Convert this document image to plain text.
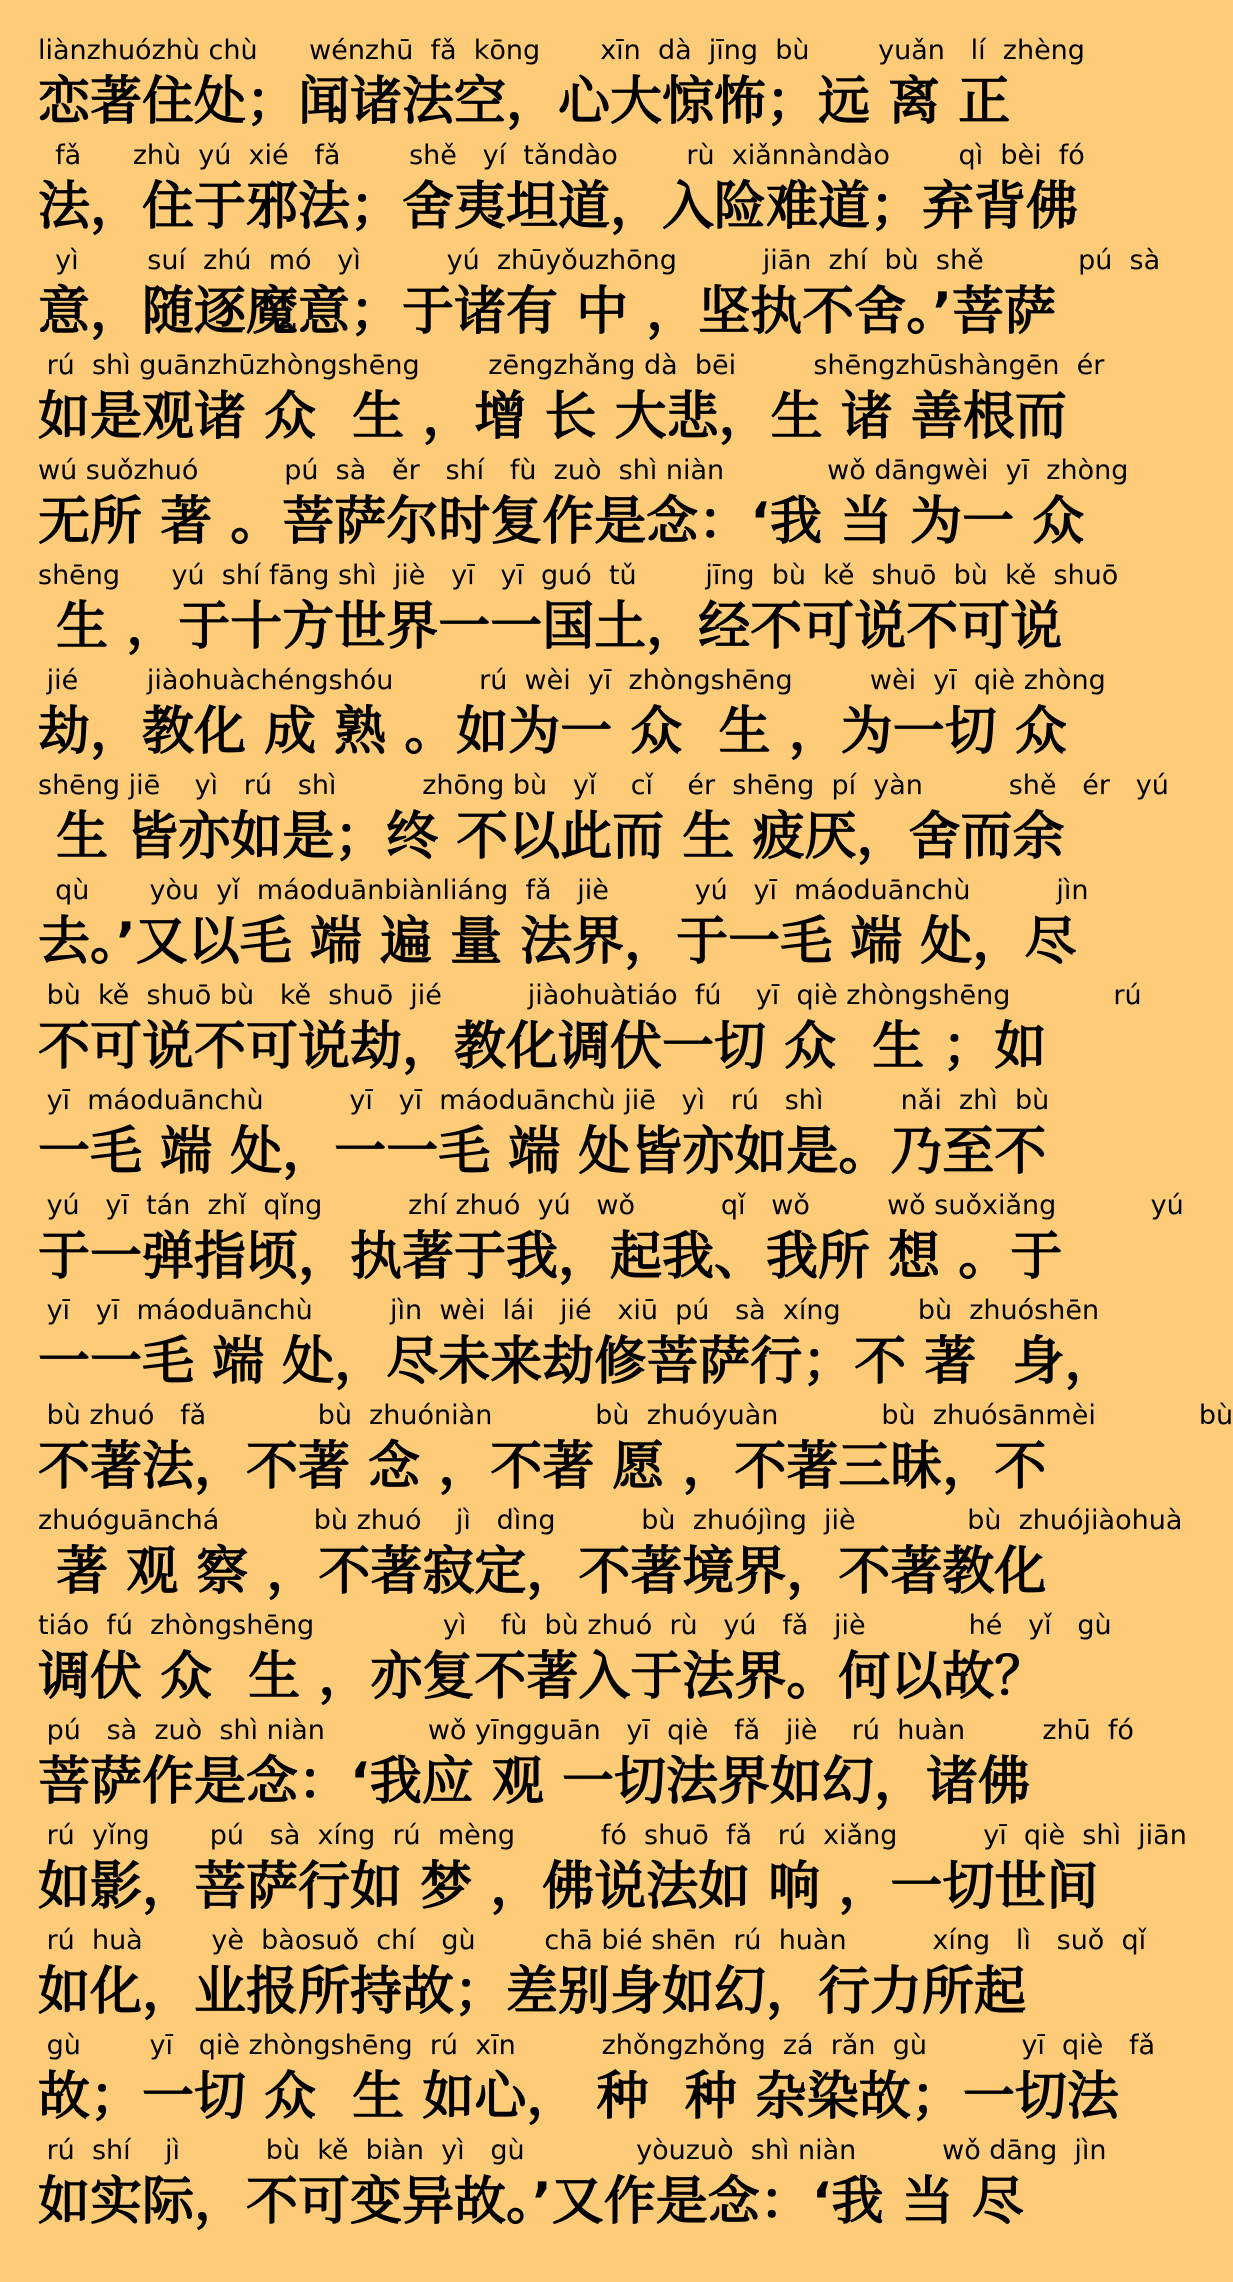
liànzhuózhù chù      wénzhū  fǎ  kōng       xīn  dà  jīng  bù        yuǎn   lí  zhèng
恋著住处；闻诸法空，心大惊怖；远 离 正
fǎ      zhù  yú  xié   fǎ        shě   yí  tǎndào        rù  xiǎnnàndào        qì  bèi  fó
法，住于邪法；舍夷坦道，入险难道；弃背佛
yì        suí  zhú  mó   yì          yú  zhūyǒuzhōng          jiān  zhí  bù  shě           pú  sà
意，随逐魔意；于诸有 中 ，坚执不舍。’菩萨
rú  shì guānzhūzhòngshēng        zēngzhǎng dà  bēi         shēngzhūshàngēn  ér
如是观诸 众  生 ，增 长 大悲，生 诸 善根而
wú suǒzhuó          pú  sà   ěr   shí   fù  zuò  shì niàn            wǒ dāngwèi  yī  zhòng
无所 著 。菩萨尔时复作是念：‘我 当 为一 众
shēng      yú  shí fāng shì  jiè   yī   yī  guó  tǔ        jīng  bù  kě  shuō  bù  kě  shuō
生 ，于十方世界一一国土，经不可说不可说
jié        jiàohuàchéngshóu          rú  wèi  yī  zhòngshēng         wèi  yī  qiè zhòng
劫，教化 成 熟 。如为一 众  生 ，为一切 众
shēng jiē    yì   rú   shì          zhōng bù   yǐ    cǐ    ér  shēng  pí  yàn          shě   ér   yú
生 皆亦如是；终 不以此而 生 疲厌，舍而余
qù       yòu  yǐ  máoduānbiànliáng  fǎ   jiè          yú   yī  máoduānchù          jìn
去。’又以毛 端 遍 量 法界，于一毛 端 处，尽
bù  kě  shuō bù   kě  shuō  jié          jiàohuàtiáo  fú    yī  qiè zhòngshēng            rú
不可说不可说劫，教化调伏一切 众  生 ；如
yī  máoduānchù          yī   yī  máoduānchù jiē   yì   rú   shì         nǎi  zhì  bù
一毛 端 处，一一毛 端 处皆亦如是。乃至不
yú   yī  tán  zhǐ  qǐng          zhí zhuó  yú   wǒ          qǐ   wǒ         wǒ suǒxiǎng           yú
于一弹指顷，执著于我，起我、我所 想 。于
yī   yī  máoduānchù         jìn  wèi  lái   jié   xiū  pú   sà  xíng         bù  zhuóshēn
一一毛 端 处，尽未来劫修菩萨行；不 著  身，
bù zhuó   fǎ             bù  zhuóniàn            bù  zhuóyuàn            bù  zhuósānmèi            bù
不著法，不著 念 ，不著 愿 ，不著三昧，不
zhuóguānchá           bù zhuó    jì   dìng          bù  zhuójìng  jiè             bù  zhuójiàohuà
著 观 察 ，不著寂定，不著境界，不著教化
tiáo  fú  zhòngshēng               yì    fù  bù zhuó  rù   yú   fǎ   jiè            hé   yǐ   gù
调伏 众  生 ，亦复不著入于法界。何以故？
pú   sà  zuò  shì niàn            wǒ yīngguān   yī  qiè   fǎ   jiè    rú  huàn         zhū  fó
菩萨作是念：‘我应 观 一切法界如幻，诸佛
rú  yǐng       pú   sà  xíng  rú  mèng          fó  shuō  fǎ   rú  xiǎng          yī  qiè  shì  jiān
如影，菩萨行如 梦 ，佛说法如 响 ，一切世间
rú  huà        yè  bàosuǒ  chí   gù        chā bié shēn  rú  huàn          xíng   lì   suǒ  qǐ
如化，业报所持故；差别身如幻，行力所起
gù        yī   qiè zhòngshēng  rú  xīn          zhǒngzhǒng  zá  rǎn  gù           yī  qiè   fǎ
故；一切 众  生 如心， 种  种 杂染故；一切法
rú  shí    jì          bù  kě  biàn  yì   gù             yòuzuò  shì niàn          wǒ dāng  jìn
如实际，不可变异故。’又作是念：‘我 当 尽
